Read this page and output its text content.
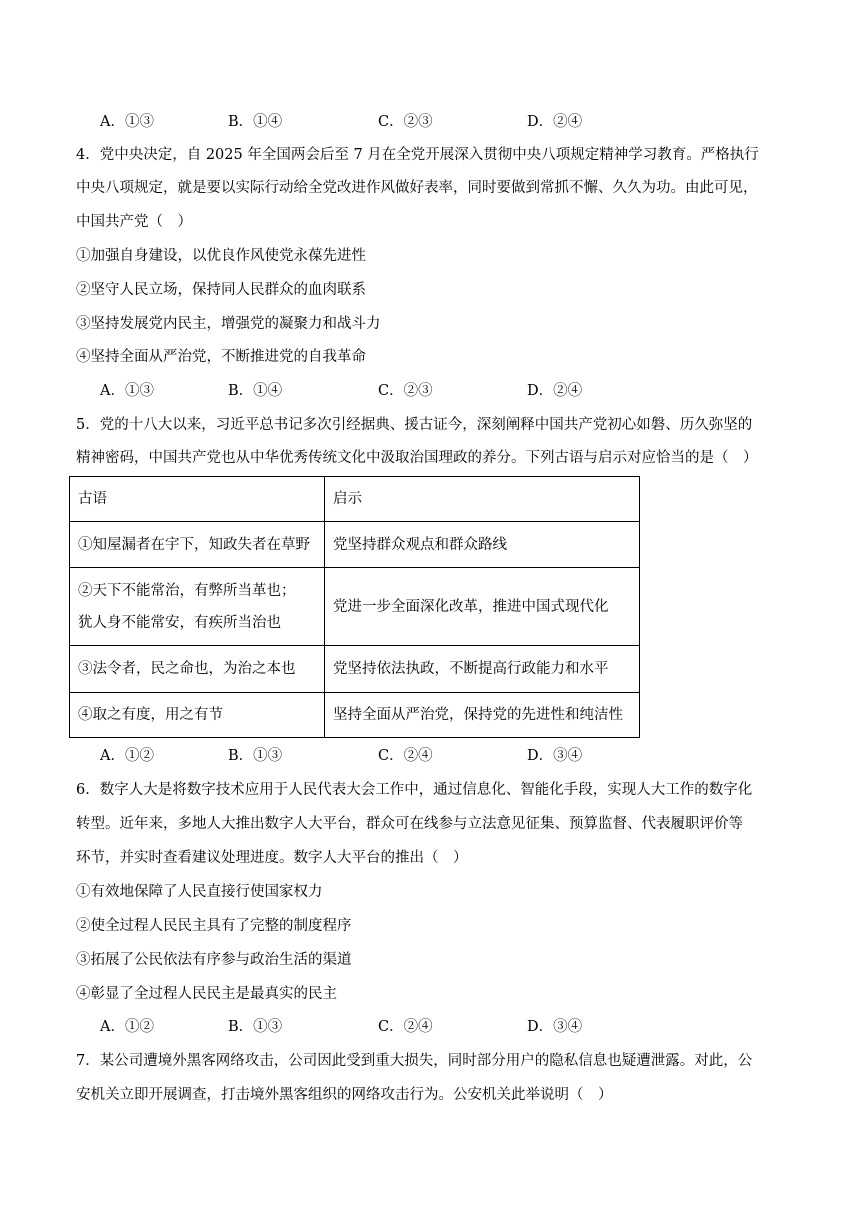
A．①③	B．①④	C．②③	D．②④
4．党中央决定，自 2025 年全国两会后至 7 月在全党开展深入贯彻中央八项规定精神学习教育。严格执行
中央八项规定，就是要以实际行动给全党改进作风做好表率，同时要做到常抓不懈、久久为功。由此可见，
中国共产党（　）
①加强自身建设，以优良作风使党永葆先进性
②坚守人民立场，保持同人民群众的血肉联系
③坚持发展党内民主，增强党的凝聚力和战斗力
④坚持全面从严治党，不断推进党的自我革命
A．①③	B．①④	C．②③	D．②④
5．党的十八大以来，习近平总书记多次引经据典、援古证今，深刻阐释中国共产党初心如磐、历久弥坚的
精神密码，中国共产党也从中华优秀传统文化中汲取治国理政的养分。下列古语与启示对应恰当的是（　）
古语	启示
①知屋漏者在宇下，知政失者在草野	党坚持群众观点和群众路线

②天下不能常治，有弊所当革也；
犹人身不能常安，有疾所当治也	党进一步全面深化改革，推进中国式现代化
③法令者，民之命也，为治之本也	党坚持依法执政，不断提高行政能力和水平
④取之有度，用之有节	坚持全面从严治党，保持党的先进性和纯洁性
A．①②	B．①③	C．②④	D．③④
6．数字人大是将数字技术应用于人民代表大会工作中，通过信息化、智能化手段，实现人大工作的数字化
转型。近年来，多地人大推出数字人大平台，群众可在线参与立法意见征集、预算监督、代表履职评价等
环节，并实时查看建议处理进度。数字人大平台的推出（　）
①有效地保障了人民直接行使国家权力
②使全过程人民民主具有了完整的制度程序
③拓展了公民依法有序参与政治生活的渠道
④彰显了全过程人民民主是最真实的民主
A．①②	B．①③	C．②④	D．③④
7．某公司遭境外黑客网络攻击，公司因此受到重大损失，同时部分用户的隐私信息也疑遭泄露。对此，公
安机关立即开展调查，打击境外黑客组织的网络攻击行为。公安机关此举说明（　）
